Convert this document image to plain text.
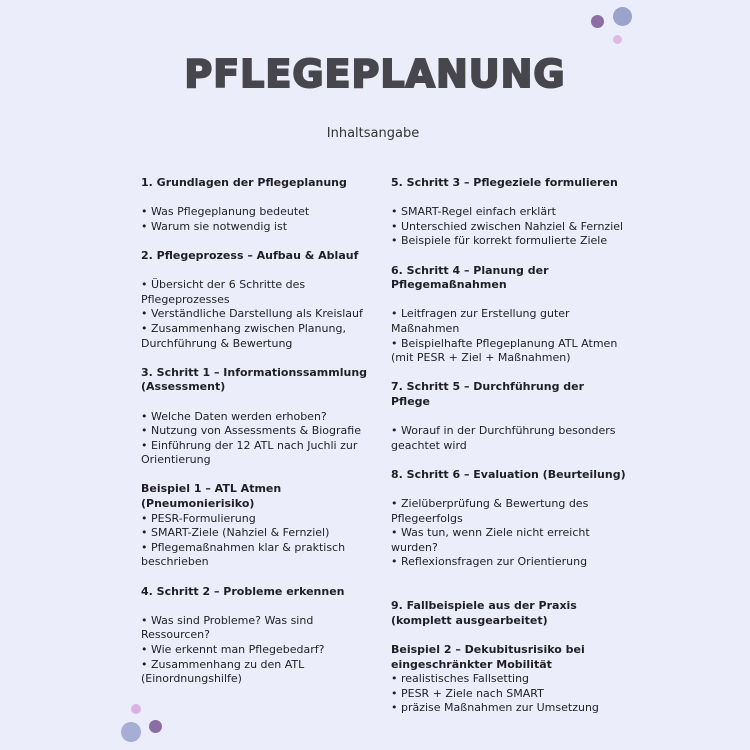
PFLEGEPLANUNG
Inhaltsangabe
1. Grundlagen der Pflegeplanung
• Was Pflegeplanung bedeutet
• Warum sie notwendig ist
2. Pflegeprozess – Aufbau & Ablauf
• Übersicht der 6 Schritte des Pflegeprozesses
• Verständliche Darstellung als Kreislauf
• Zusammenhang zwischen Planung, Durchführung & Bewertung
3. Schritt 1 – Informationssammlung (Assessment)
• Welche Daten werden erhoben?
• Nutzung von Assessments & Biografie
• Einführung der 12 ATL nach Juchli zur Orientierung
Beispiel 1 – ATL Atmen (Pneumonierisiko)
• PESR-Formulierung
• SMART-Ziele (Nahziel & Fernziel)
• Pflegemaßnahmen klar & praktisch beschrieben
4. Schritt 2 – Probleme erkennen
• Was sind Probleme? Was sind Ressourcen?
• Wie erkennt man Pflegebedarf?
• Zusammenhang zu den ATL (Einordnungshilfe)
5. Schritt 3 – Pflegeziele formulieren
• SMART-Regel einfach erklärt
• Unterschied zwischen Nahziel & Fernziel
• Beispiele für korrekt formulierte Ziele
6. Schritt 4 – Planung der Pflegemaßnahmen
• Leitfragen zur Erstellung guter Maßnahmen
• Beispielhafte Pflegeplanung ATL Atmen (mit PESR + Ziel + Maßnahmen)
7. Schritt 5 – Durchführung der Pflege
• Worauf in der Durchführung besonders geachtet wird
8. Schritt 6 – Evaluation (Beurteilung)
• Zielüberprüfung & Bewertung des Pflegeerfolgs
• Was tun, wenn Ziele nicht erreicht wurden?
• Reflexionsfragen zur Orientierung
9. Fallbeispiele aus der Praxis (komplett ausgearbeitet)
Beispiel 2 – Dekubitusrisiko bei eingeschränkter Mobilität
• realistisches Fallsetting
• PESR + Ziele nach SMART
• präzise Maßnahmen zur Umsetzung
